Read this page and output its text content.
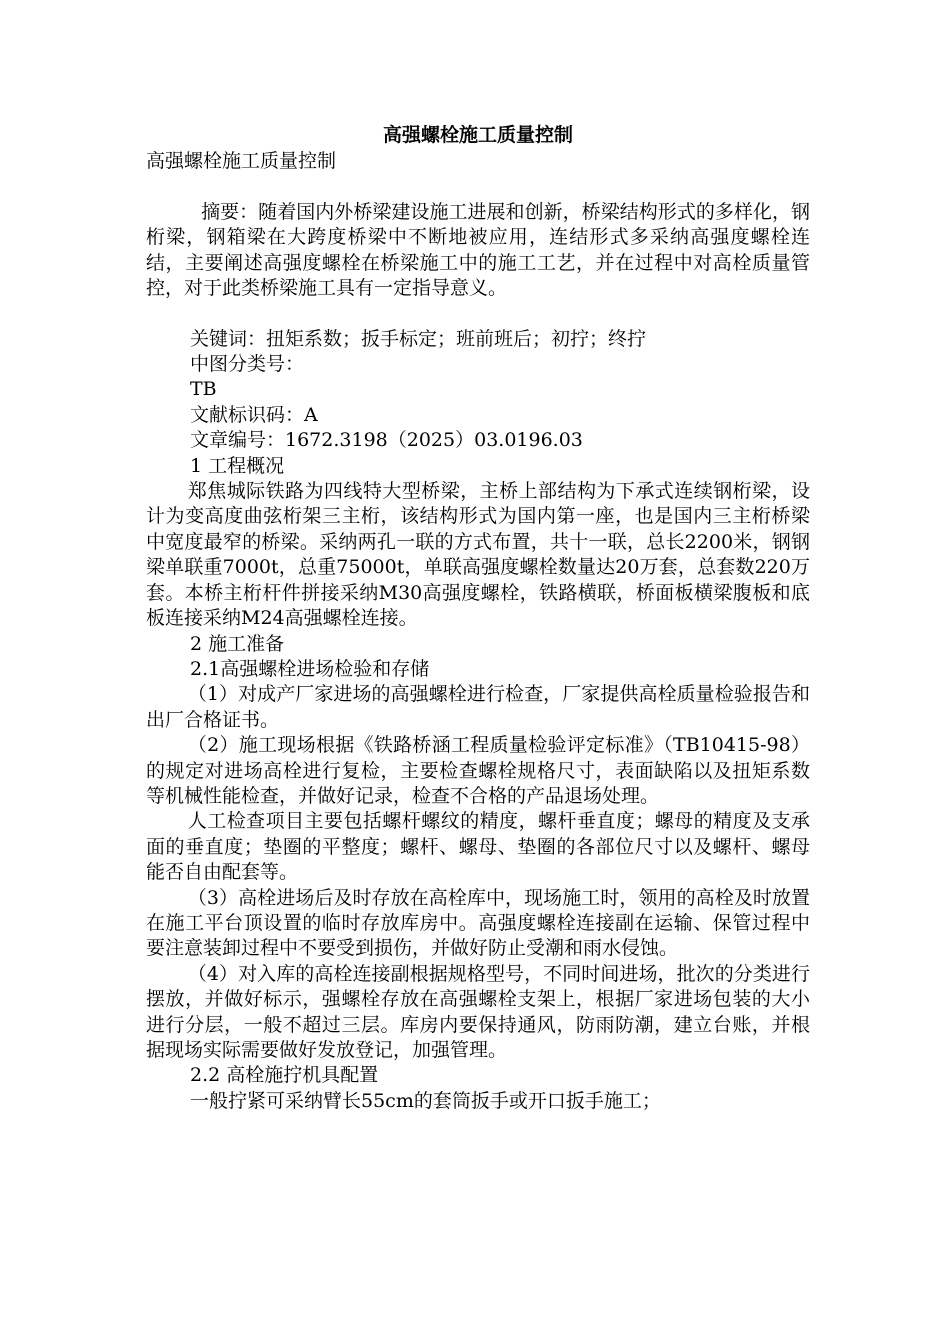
高强螺栓施工质量控制

高强螺栓施工质量控制

摘要：随着国内外桥梁建设施工进展和创新，桥梁结构形式的多样化，钢桁梁，钢箱梁在大跨度桥梁中不断地被应用，连结形式多采纳高强度螺栓连结，主要阐述高强度螺栓在桥梁施工中的施工工艺，并在过程中对高栓质量管控，对于此类桥梁施工具有一定指导意义。

关键词：扭矩系数；扳手标定；班前班后；初拧；终拧

中图分类号：

TB

文献标识码：A

文章编号：1672.3198（2025）03.0196.03

1 工程概况

郑焦城际铁路为四线特大型桥梁，主桥上部结构为下承式连续钢桁梁，设计为变高度曲弦桁架三主桁，该结构形式为国内第一座，也是国内三主桁桥梁中宽度最窄的桥梁。采纳两孔一联的方式布置，共十一联，总长2200米，钢钢梁单联重7000t，总重75000t，单联高强度螺栓数量达20万套，总套数220万套。本桥主桁杆件拼接采纳M30高强度螺栓，铁路横联，桥面板横梁腹板和底板连接采纳M24高强螺栓连接。

2 施工准备

2.1高强螺栓进场检验和存储

（1）对成产厂家进场的高强螺栓进行检查，厂家提供高栓质量检验报告和出厂合格证书。

（2）施工现场根据《铁路桥涵工程质量检验评定标准》（TB10415-98）的规定对进场高栓进行复检，主要检查螺栓规格尺寸，表面缺陷以及扭矩系数等机械性能检查，并做好记录，检查不合格的产品退场处理。

人工检查项目主要包括螺杆螺纹的精度，螺杆垂直度；螺母的精度及支承面的垂直度；垫圈的平整度；螺杆、螺母、垫圈的各部位尺寸以及螺杆、螺母能否自由配套等。

（3）高栓进场后及时存放在高栓库中，现场施工时，领用的高栓及时放置在施工平台顶设置的临时存放库房中。高强度螺栓连接副在运输、保管过程中要注意装卸过程中不要受到损伤，并做好防止受潮和雨水侵蚀。

（4）对入库的高栓连接副根据规格型号，不同时间进场，批次的分类进行摆放，并做好标示，强螺栓存放在高强螺栓支架上，根据厂家进场包装的大小进行分层，一般不超过三层。库房内要保持通风，防雨防潮，建立台账，并根据现场实际需要做好发放登记，加强管理。

2.2 高栓施拧机具配置

一般拧紧可采纳臂长55cm的套筒扳手或开口扳手施工；
